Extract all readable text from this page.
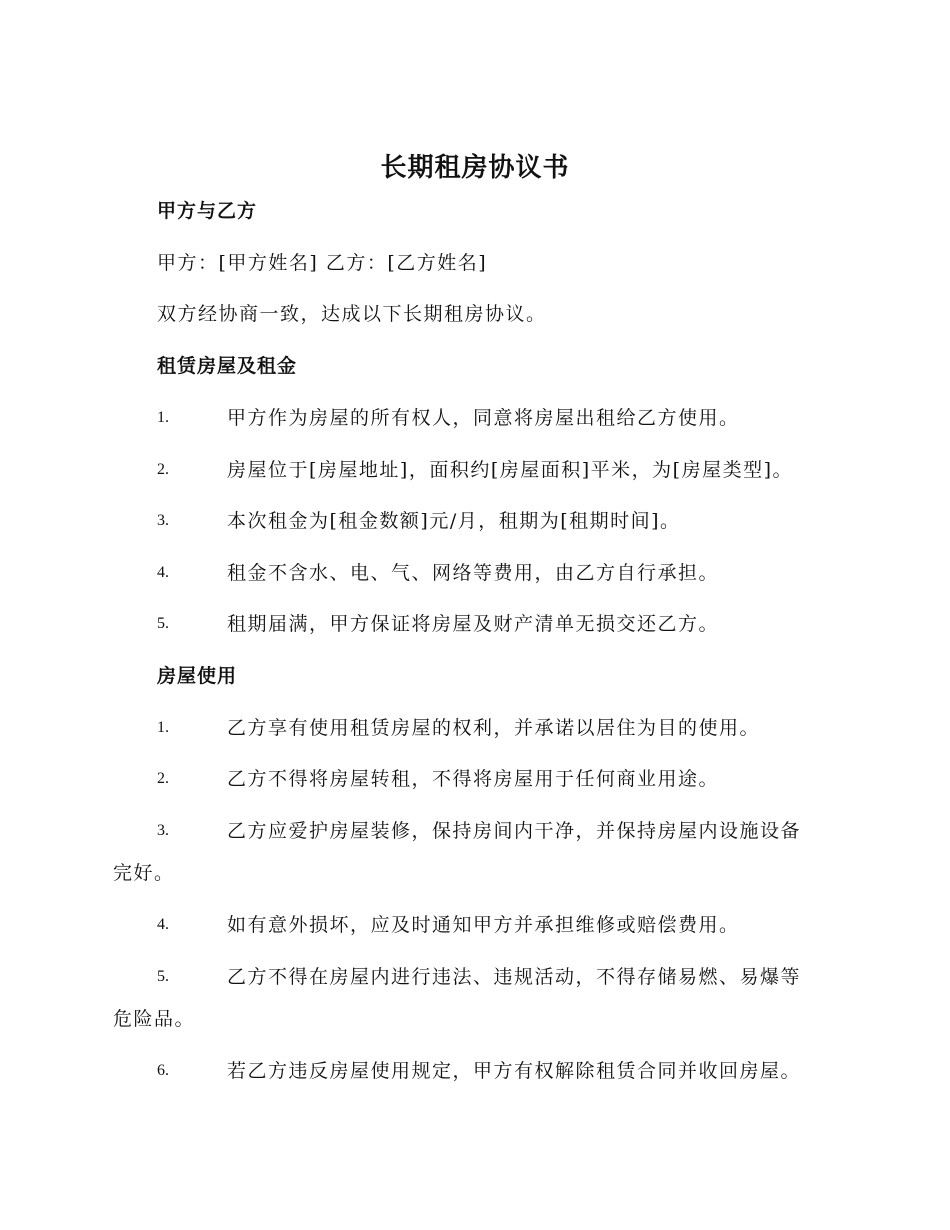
长期租房协议书
甲方与乙方
甲方：[甲方姓名] 乙方：[乙方姓名]
双方经协商一致，达成以下长期租房协议。
租赁房屋及租金
1.	甲方作为房屋的所有权人，同意将房屋出租给乙方使用。
2.	房屋位于[房屋地址]，面积约[房屋面积]平米，为[房屋类型]。
3.	本次租金为[租金数额]元/月，租期为[租期时间]。
4.	租金不含水、电、气、网络等费用，由乙方自行承担。
5.	租期届满，甲方保证将房屋及财产清单无损交还乙方。
房屋使用
1.	乙方享有使用租赁房屋的权利，并承诺以居住为目的使用。
2.	乙方不得将房屋转租，不得将房屋用于任何商业用途。
3.	乙方应爱护房屋装修，保持房间内干净，并保持房屋内设施设备
完好。
4.	如有意外损坏，应及时通知甲方并承担维修或赔偿费用。
5.	乙方不得在房屋内进行违法、违规活动，不得存储易燃、易爆等
危险品。
6.	若乙方违反房屋使用规定，甲方有权解除租赁合同并收回房屋。
